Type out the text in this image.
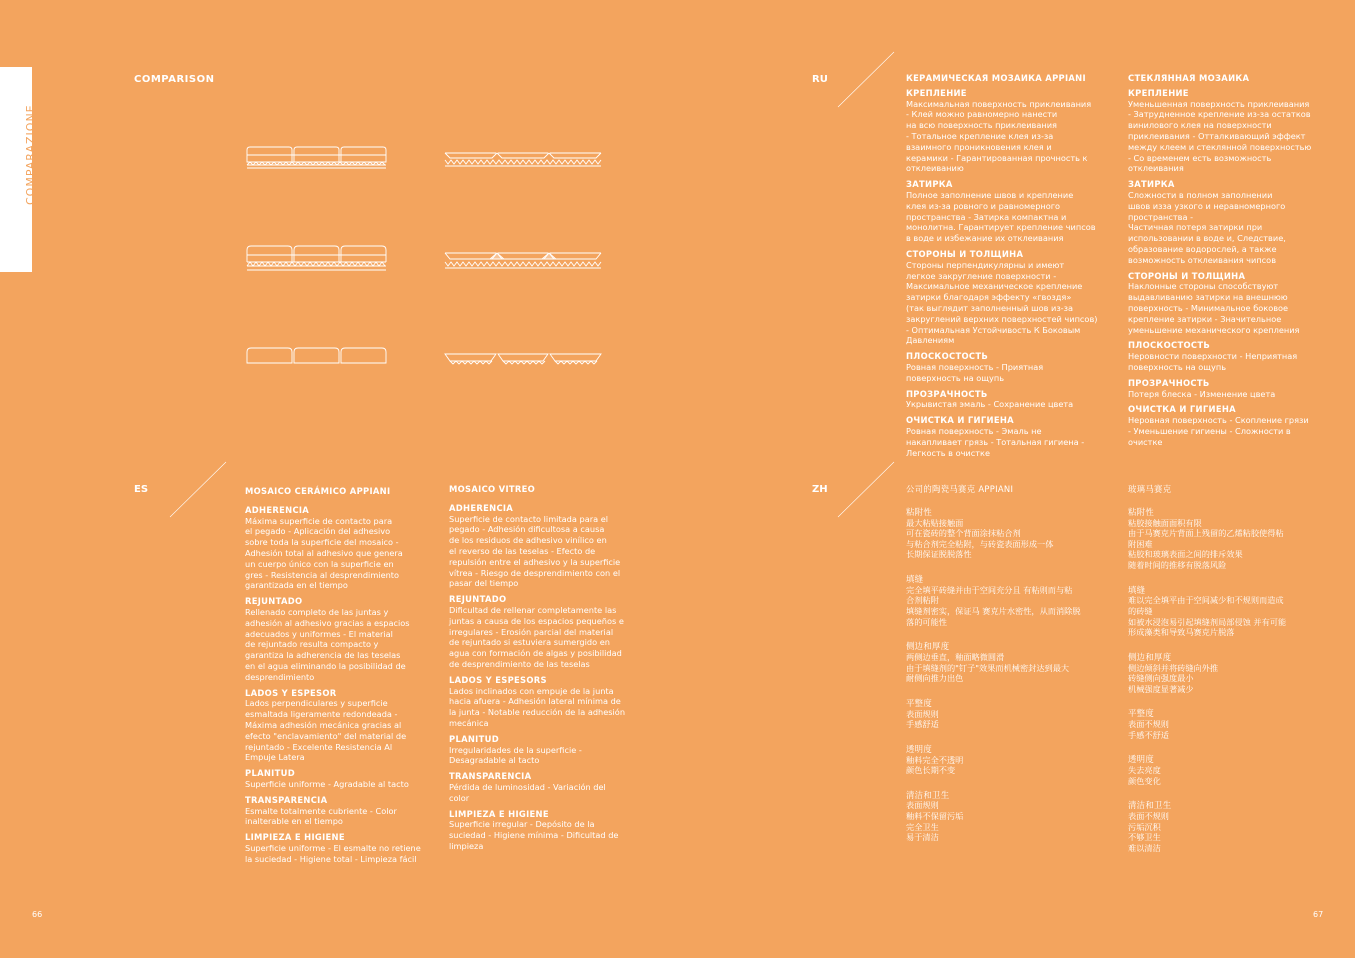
COMPARAZIONE
COMPARISON	RU
ES	ZH
MOSAICO CERÁMICO APPIANI
ADHERENCIA
Máxima superficie de contacto para
el pegado - Aplicación del adhesivo
sobre toda la superficie del mosaico -
Adhesión total al adhesivo que genera
un cuerpo único con la superficie en
gres - Resistencia al desprendimiento
garantizada en el tiempo
REJUNTADO
Rellenado completo de las juntas y
adhesión al adhesivo gracias a espacios
adecuados y uniformes - El material
de rejuntado resulta compacto y
garantiza la adherencia de las teselas
en el agua eliminando la posibilidad de
desprendimiento
LADOS Y ESPESOR
Lados perpendiculares y superficie
esmaltada ligeramente redondeada -
Máxima adhesión mecánica gracias al
efecto "enclavamiento" del material de
rejuntado - Excelente Resistencia Al
Empuje Latera
PLANITUD
Superficie uniforme - Agradable al tacto
TRANSPARENCIA
Esmalte totalmente cubriente - Color
inalterable en el tiempo
LIMPIEZA E HIGIENE
Superficie uniforme - El esmalte no retiene
la suciedad - Higiene total - Limpieza fácil
MOSAICO VITREO
ADHERENCIA
Superficie de contacto limitada para el
pegado - Adhesión dificultosa a causa
de los residuos de adhesivo vinílico en
el reverso de las teselas - Efecto de
repulsión entre el adhesivo y la superficie
vítrea - Riesgo de desprendimiento con el
pasar del tiempo
REJUNTADO
Dificultad de rellenar completamente las
juntas a causa de los espacios pequeños e
irregulares - Erosión parcial del material
de rejuntado si estuviera sumergido en
agua con formación de algas y posibilidad
de desprendimiento de las teselas
LADOS Y ESPESORS
Lados inclinados con empuje de la junta
hacia afuera - Adhesión lateral mínima de
la junta - Notable reducción de la adhesión
mecánica
PLANITUD
Irregularidades de la superficie -
Desagradable al tacto
TRANSPARENCIA
Pérdida de luminosidad - Variación del
color
LIMPIEZA E HIGIENE
Superficie irregular - Depósito de la
suciedad - Higiene mínima - Dificultad de
limpieza
КЕРАМИЧЕСКАЯ МОЗАИКА APPIANI
КРЕПЛЕНИЕ
Максимальная поверхность приклеивания
- Клей можно равномерно нанести
на всю поверхность приклеивания
- Тотальное крепление клея из-за
взаимного проникновения клея и
керамики - Гарантированная прочность к
отклеиванию
ЗАТИРКА
Полное заполнение швов и крепление
клея из-за ровного и равномерного
пространства - Затирка компактна и
монолитна. Гарантирует крепление чипсов
в воде и избежание их отклеивания
СТОРОНЫ И ТОЛЩИНА
Стороны перпендикулярны и имеют
легкое закругление поверхности -
Максимальное механическое крепление
затирки благодаря эффекту «гвоздя»
(так выглядит заполненный шов из-за
закруглений верхних поверхностей чипсов)
- Оптимальная Устойчивость К Боковым
Давлениям
ПЛОСКОСТОСТЬ
Ровная поверхность - Приятная
поверхность на ощупь
ПРОЗРАЧНОСТЬ
Укрывистая эмаль - Сохранение цвета
ОЧИСТКА И ГИГИЕНА
Ровная поверхность - Эмаль не
накапливает грязь - Тотальная гигиена -
Легкость в очистке
СТЕКЛЯННАЯ МОЗАИКА
КРЕПЛЕНИЕ
Уменьшенная поверхность приклеивания
- Затрудненное крепление из-за остатков
винилового клея на поверхности
приклеивания - Отталкивающий эффект
между клеем и стеклянной поверхностью
- Со временем есть возможность
отклеивания
ЗАТИРКА
Сложности в полном заполнении
швов изза узкого и неравномерного
пространства -
Частичная потеря затирки при
использовании в воде и, Следствие,
образование водорослей, а также
возможность отклеивания чипсов
СТОРОНЫ И ТОЛЩИНА
Наклонные стороны способствуют
выдавливанию затирки на внешнюю
поверхность - Минимальное боковое
крепление затирки - Значительное
уменьшение механического крепления
ПЛОСКОСТОСТЬ
Неровности поверхности - Неприятная
поверхность на ощупь
ПРОЗРАЧНОСТЬ
Потеря блеска - Изменение цвета
ОЧИСТКА И ГИГИЕНА
Неровная поверхность - Скопление грязи
- Уменьшение гигиены - Сложности в
очистке
公司的陶瓷马赛克 APPIANI
粘附性
最大粘贴接触面
可在瓷砖的整个背面涂抹粘合剂
与粘合剂完全粘附，与砖瓷表面形成一体
长期保证脱脱落性
填缝
完全填平砖缝并由于空间充分且 有粘则而与粘
合剂粘附
填缝剂密实，保证马 赛克片水密性，从而消除脱
落的可能性
侧边和厚度
两侧边垂直，釉面略微圆滑
由于填缝剂的"钉子"效果而机械密封达到最大
耐侧向推力出色
平整度
表面规则
手感舒适
透明度
釉料完全不透明
颜色长期不变
清洁和卫生
表面规则
釉料不保留污垢
完全卫生
易于清洁
玻璃马赛克
粘附性
粘胶接触面面积有限
由于马赛克片背面上残留的乙烯粘胶使得粘
附困难
粘胶和玻璃表面之间的排斥效果
随着时间的推移有脱落风险
填缝
难以完全填平由于空间减少和不规则而造成
的砖缝
如被水浸泡易引起填缝剂局部侵蚀 并有可能
形成藻类和导致马赛克片脱落
侧边和厚度
侧边倾斜并将砖缝向外推
砖缝侧向强度最小
机械强度显著减少
平整度
表面不规则
手感不舒适
透明度
失去亮度
颜色变化
清洁和卫生
表面不规则
污垢沉积
不够卫生
难以清洁
66	67
